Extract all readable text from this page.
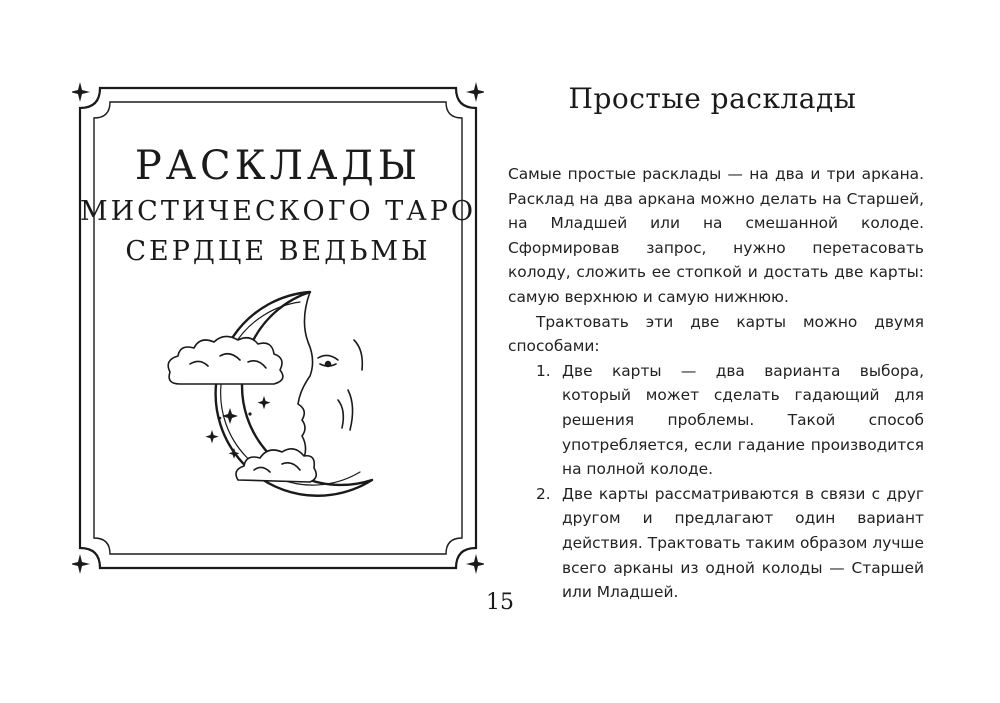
РАСКЛАДЫ
МИСТИЧЕСКОГО ТАРО
СЕРДЦЕ ВЕДЬМЫ
Простые расклады

Самые простые расклады — на два и три аркана. Расклад на два аркана можно делать на Старшей, на Младшей или на смешанной колоде. Сформировав запрос, нужно перетасовать колоду, сложить ее стопкой и достать две карты: самую верхнюю и самую нижнюю.

Трактовать эти две карты можно двумя способами:

1. Две карты — два варианта выбора, который может сделать гадающий для решения проблемы. Такой способ употребляется, если гадание производится на полной колоде.
2. Две карты рассматриваются в связи с друг другом и предлагают один вариант действия. Трактовать таким образом лучше всего арканы из одной колоды — Старшей или Младшей.
15
